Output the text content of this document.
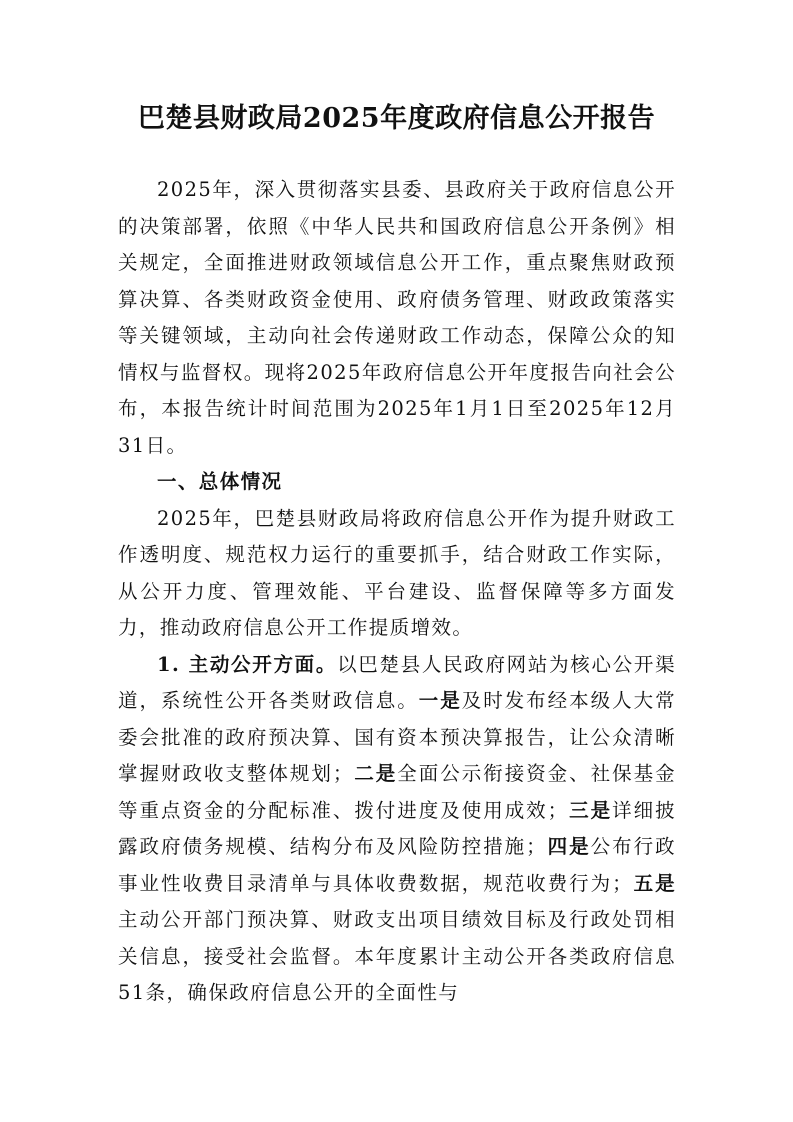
巴楚县财政局2025年度政府信息公开报告

2025年，深入贯彻落实县委、县政府关于政府信息公开的决策部署，依照《中华人民共和国政府信息公开条例》相关规定，全面推进财政领域信息公开工作，重点聚焦财政预算决算、各类财政资金使用、政府债务管理、财政政策落实等关键领域，主动向社会传递财政工作动态，保障公众的知情权与监督权。现将2025年政府信息公开年度报告向社会公布，本报告统计时间范围为2025年1月1日至2025年12月31日。

一、总体情况

2025年，巴楚县财政局将政府信息公开作为提升财政工作透明度、规范权力运行的重要抓手，结合财政工作实际，从公开力度、管理效能、平台建设、监督保障等多方面发力，推动政府信息公开工作提质增效。

1. 主动公开方面。以巴楚县人民政府网站为核心公开渠道，系统性公开各类财政信息。一是及时发布经本级人大常委会批准的政府预决算、国有资本预决算报告，让公众清晰掌握财政收支整体规划；二是全面公示衔接资金、社保基金等重点资金的分配标准、拨付进度及使用成效；三是详细披露政府债务规模、结构分布及风险防控措施；四是公布行政事业性收费目录清单与具体收费数据，规范收费行为；五是主动公开部门预决算、财政支出项目绩效目标及行政处罚相关信息，接受社会监督。本年度累计主动公开各类政府信息51条，确保政府信息公开的全面性与
